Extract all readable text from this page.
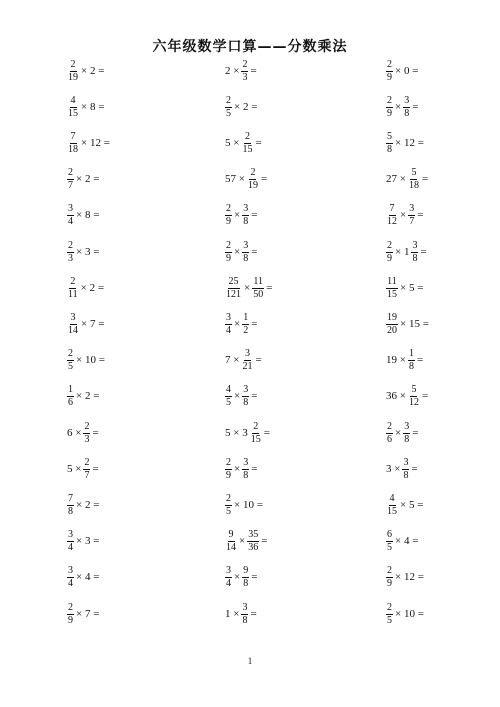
六年级数学口算——分数乘法
$\frac{2}{19} \times 2$ =
$\frac{4}{15} \times 8$ =
$\frac{7}{18} \times 12$ =
$\frac{2}{7} \times 2$ =
$\frac{3}{4} \times 8$ =
$\frac{2}{3} \times 3$ =
$\frac{2}{11} \times 2$ =
$\frac{3}{14} \times 7$ =
$\frac{2}{5} \times 10$ =
$\frac{1}{6} \times 2$ =
$6 \times \frac{2}{3}$ =
$5 \times \frac{2}{7}$ =
$\frac{7}{8} \times 2$ =
$\frac{3}{4} \times 3$ =
$\frac{3}{4} \times 4$ =
$\frac{2}{9} \times 7$ =
$2 \times \frac{2}{3}$ =
$\frac{2}{5} \times 2$ =
$5 \times \frac{2}{15}$ =
$57 \times \frac{2}{19}$ =
$\frac{2}{9} \times \frac{3}{8}$ =
$\frac{2}{9} \times \frac{3}{8}$ =
$\frac{25}{121} \times \frac{11}{50}$ =
$\frac{3}{4} \times \frac{1}{2}$ =
$7 \times \frac{3}{21}$ =
$\frac{4}{5} \times \frac{3}{8}$ =
$5 \times 3 \frac{2}{15}$ =
$\frac{2}{9} \times \frac{3}{8}$ =
$\frac{2}{5} \times 10$ =
$\frac{9}{14} \times \frac{35}{36}$ =
$\frac{3}{4} \times \frac{9}{8}$ =
$1 \times \frac{3}{8}$ =
$\frac{2}{9} \times 0$ =
$\frac{2}{9} \times \frac{3}{8}$ =
$\frac{5}{8} \times 12$ =
$27 \times \frac{5}{18}$ =
$\frac{7}{12} \times \frac{3}{7}$ =
$\frac{2}{9} \times 1 \frac{3}{8}$ =
$\frac{11}{15} \times 5$ =
$\frac{19}{20} \times 15$ =
$19 \times \frac{1}{8}$ =
$36 \times \frac{5}{12}$ =
$\frac{2}{6} \times \frac{3}{8}$ =
$3 \times \frac{3}{8}$ =
$\frac{4}{15} \times 5$ =
$\frac{6}{5} \times 4$ =
$\frac{2}{9} \times 12$ =
$\frac{2}{5} \times 10$ =
1
